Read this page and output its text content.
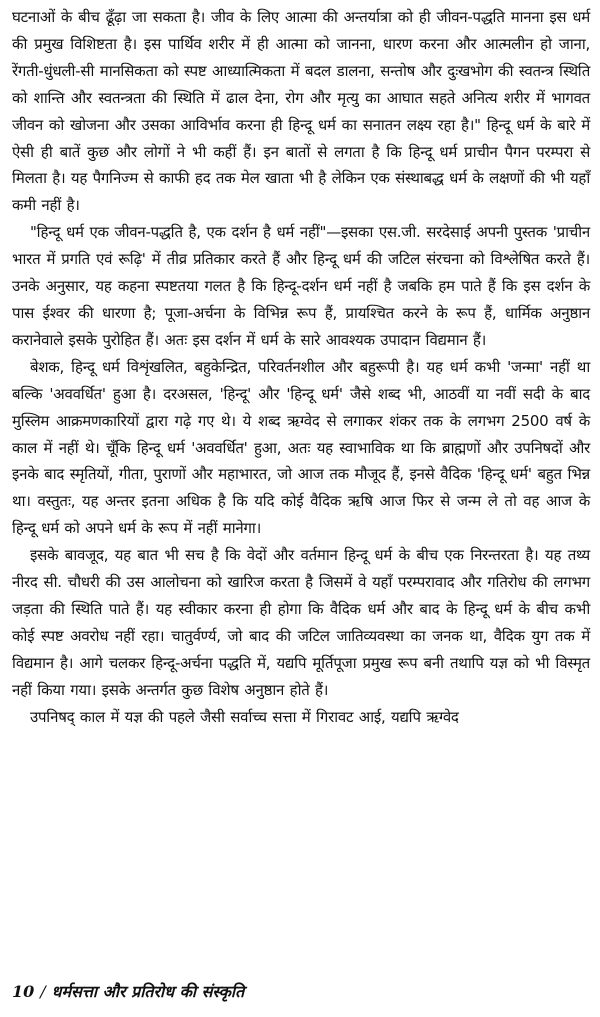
घटनाओं के बीच ढूँढ़ा जा सकता है। जीव के लिए आत्मा की अन्तर्यात्रा को ही जीवन-पद्धति मानना इस धर्म की प्रमुख विशिष्टता है। इस पार्थिव शरीर में ही आत्मा को जानना, धारण करना और आत्मलीन हो जाना, रेंगती-धुंधली-सी मानसिकता को स्पष्ट आध्यात्मिकता में बदल डालना, सन्तोष और दुःखभोग की स्वतन्त्र स्थिति को शान्ति और स्वतन्त्रता की स्थिति में ढाल देना, रोग और मृत्यु का आघात सहते अनित्य शरीर में भागवत जीवन को खोजना और उसका आविर्भाव करना ही हिन्दू धर्म का सनातन लक्ष्य रहा है।" हिन्दू धर्म के बारे में ऐसी ही बातें कुछ और लोगों ने भी कहीं हैं। इन बातों से लगता है कि हिन्दू धर्म प्राचीन पैगन परम्परा से मिलता है। यह पैगनिज्म से काफी हद तक मेल खाता भी है लेकिन एक संस्थाबद्ध धर्म के लक्षणों की भी यहाँ कमी नहीं है।

"हिन्दू धर्म एक जीवन-पद्धति है, एक दर्शन है धर्म नहीं"—इसका एस.जी. सरदेसाई अपनी पुस्तक 'प्राचीन भारत में प्रगति एवं रूढ़ि' में तीव्र प्रतिकार करते हैं और हिन्दू धर्म की जटिल संरचना को विश्लेषित करते हैं। उनके अनुसार, यह कहना स्पष्टतया गलत है कि हिन्दू-दर्शन धर्म नहीं है जबकि हम पाते हैं कि इस दर्शन के पास ईश्वर की धारणा है; पूजा-अर्चना के विभिन्न रूप हैं, प्रायश्चित करने के रूप हैं, धार्मिक अनुष्ठान करानेवाले इसके पुरोहित हैं। अतः इस दर्शन में धर्म के सारे आवश्यक उपादान विद्यमान हैं।

बेशक, हिन्दू धर्म विशृंखलित, बहुकेन्द्रित, परिवर्तनशील और बहुरूपी है। यह धर्म कभी 'जन्मा' नहीं था बल्कि 'अववर्धित' हुआ है। दरअसल, 'हिन्दू' और 'हिन्दू धर्म' जैसे शब्द भी, आठवीं या नवीं सदी के बाद मुस्लिम आक्रमणकारियों द्वारा गढ़े गए थे। ये शब्द ऋग्वेद से लगाकर शंकर तक के लगभग 2500 वर्ष के काल में नहीं थे। चूँकि हिन्दू धर्म 'अववर्धित' हुआ, अतः यह स्वाभाविक था कि ब्राह्मणों और उपनिषदों और इनके बाद स्मृतियों, गीता, पुराणों और महाभारत, जो आज तक मौजूद हैं, इनसे वैदिक 'हिन्दू धर्म' बहुत भिन्न था। वस्तुतः, यह अन्तर इतना अधिक है कि यदि कोई वैदिक ऋषि आज फिर से जन्म ले तो वह आज के हिन्दू धर्म को अपने धर्म के रूप में नहीं मानेगा।

इसके बावजूद, यह बात भी सच है कि वेदों और वर्तमान हिन्दू धर्म के बीच एक निरन्तरता है। यह तथ्य नीरद सी. चौधरी की उस आलोचना को खारिज करता है जिसमें वे यहाँ परम्परावाद और गतिरोध की लगभग जड़ता की स्थिति पाते हैं। यह स्वीकार करना ही होगा कि वैदिक धर्म और बाद के हिन्दू धर्म के बीच कभी कोई स्पष्ट अवरोध नहीं रहा। चातुर्वर्ण्य, जो बाद की जटिल जातिव्यवस्था का जनक था, वैदिक युग तक में विद्यमान है। आगे चलकर हिन्दू-अर्चना पद्धति में, यद्यपि मूर्तिपूजा प्रमुख रूप बनी तथापि यज्ञ को भी विस्मृत नहीं किया गया। इसके अन्तर्गत कुछ विशेष अनुष्ठान होते हैं।

उपनिषद् काल में यज्ञ की पहले जैसी सर्वाच्च सत्ता में गिरावट आई, यद्यपि ऋग्वेद

10 / धर्मसत्ता और प्रतिरोध की संस्कृति
